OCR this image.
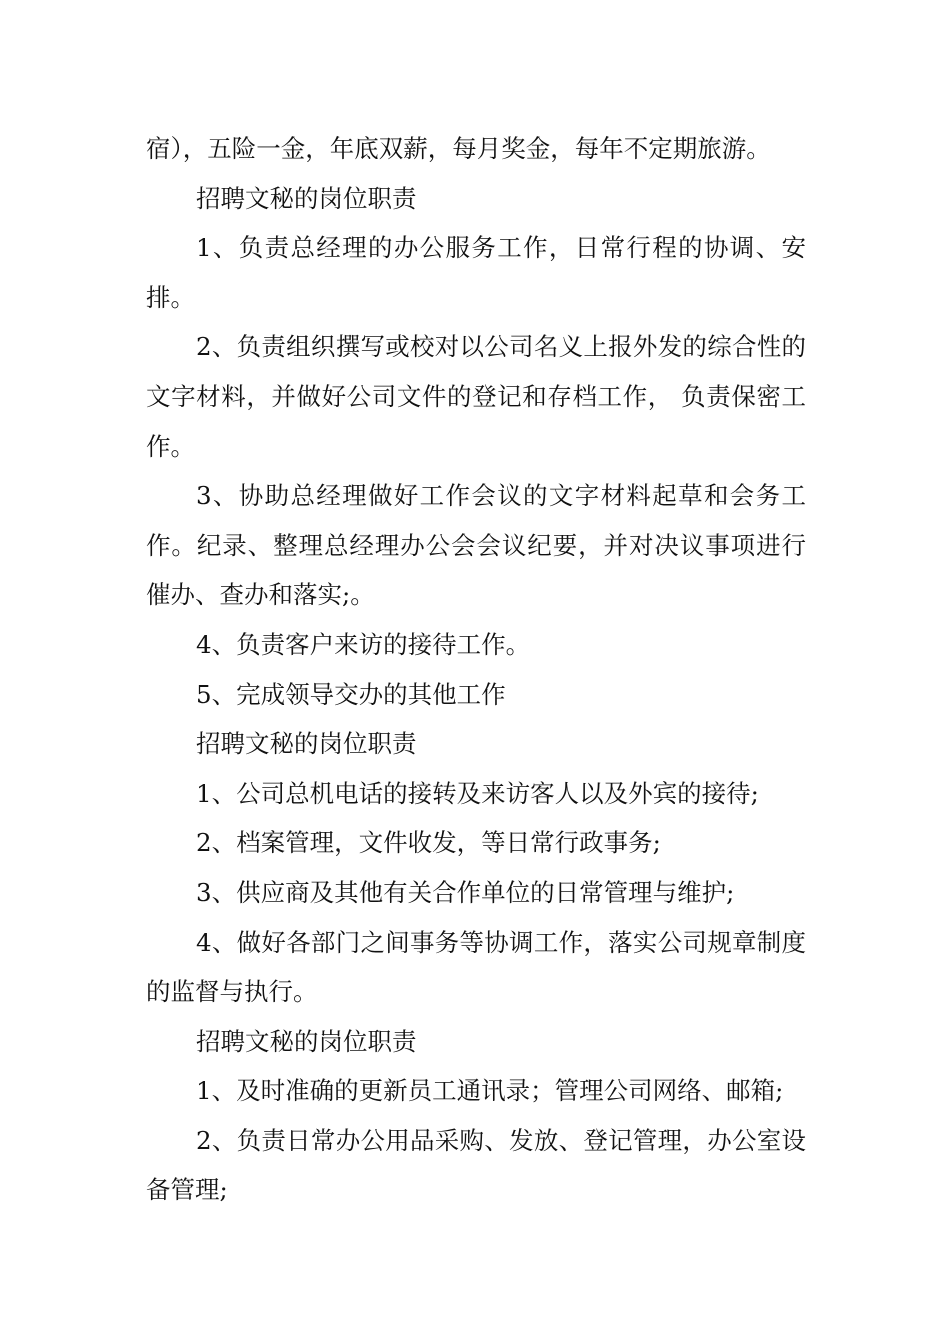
宿），五险一金，年底双薪，每月奖金，每年不定期旅游。

招聘文秘的岗位职责

1、负责总经理的办公服务工作，日常行程的协调、安排。

2、负责组织撰写或校对以公司名义上报外发的综合性的文字材料，并做好公司文件的登记和存档工作， 负责保密工作。

3、协助总经理做好工作会议的文字材料起草和会务工作。纪录、整理总经理办公会会议纪要，并对决议事项进行催办、查办和落实;。

4、负责客户来访的接待工作。

5、完成领导交办的其他工作

招聘文秘的岗位职责

1、公司总机电话的接转及来访客人以及外宾的接待;

2、档案管理，文件收发，等日常行政事务;

3、供应商及其他有关合作单位的日常管理与维护;

4、做好各部门之间事务等协调工作，落实公司规章制度的监督与执行。

招聘文秘的岗位职责

1、及时准确的更新员工通讯录；管理公司网络、邮箱;

2、负责日常办公用品采购、发放、登记管理，办公室设备管理;
